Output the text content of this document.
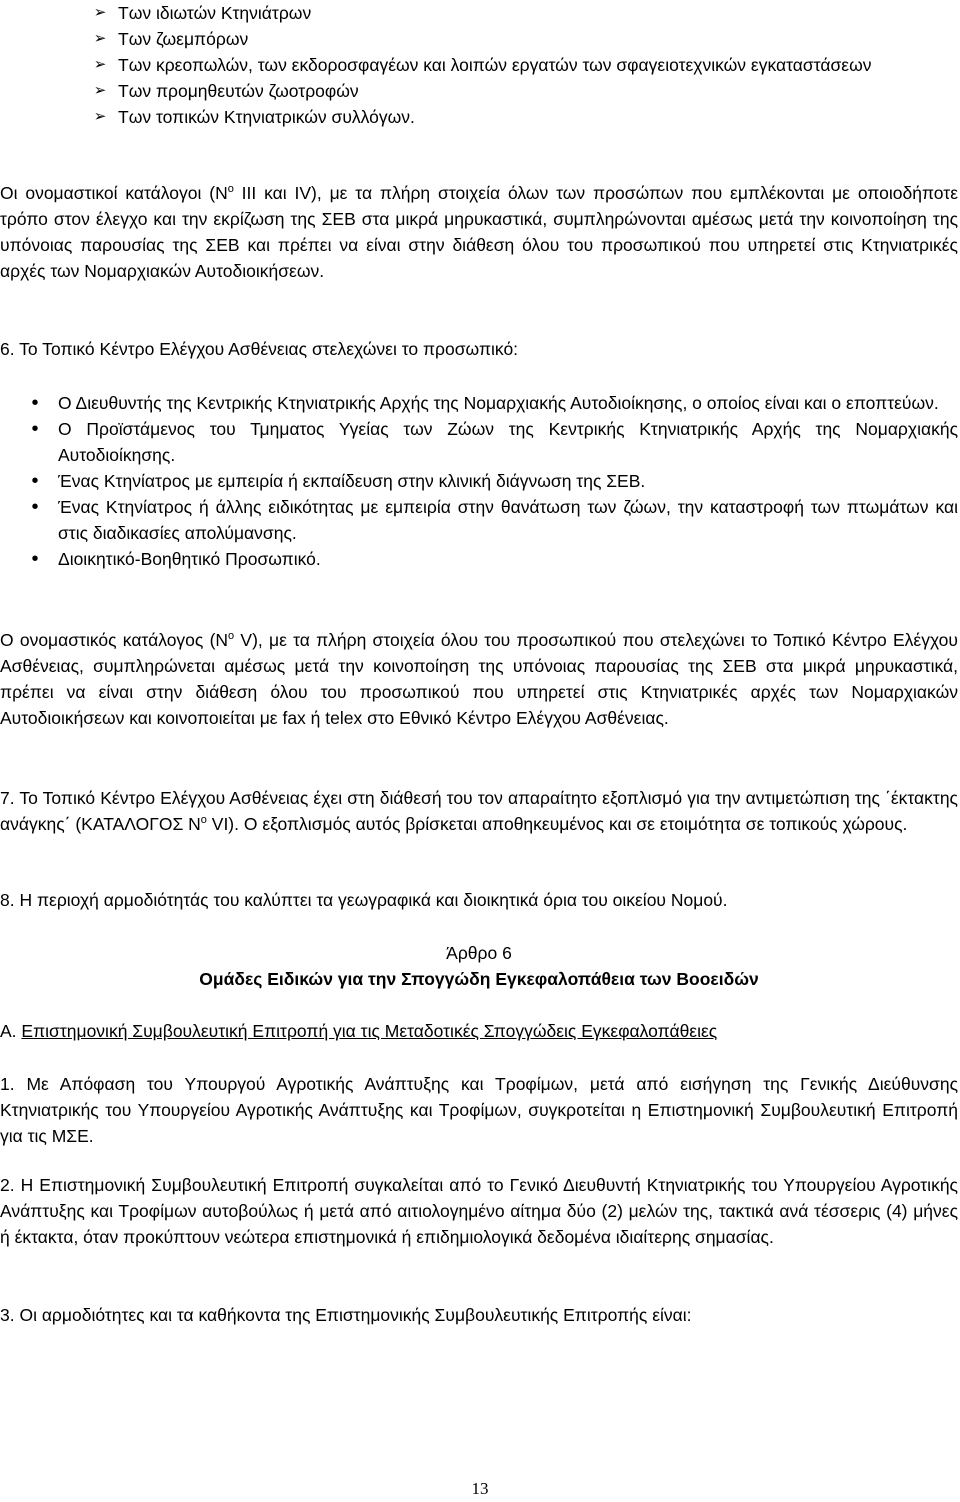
➢ Των ιδιωτών Κτηνιάτρων
➢ Των ζωεμπόρων
➢ Των κρεοπωλών, των εκδοροσφαγέων και λοιπών εργατών των σφαγειοτεχνικών εγκαταστάσεων
➢ Των προμηθευτών ζωοτροφών
➢ Των τοπικών Κτηνιατρικών συλλόγων.

Οι ονομαστικοί κατάλογοι ($N^o$ III και IV), με τα πλήρη στοιχεία όλων των προσώπων που εμπλέκονται με οποιοδήποτε τρόπο στον έλεγχο και την εκρίζωση της ΣΕΒ στα μικρά μηρυκαστικά, συμπληρώνονται αμέσως μετά την κοινοποίηση της υπόνοιας παρουσίας της ΣΕΒ και πρέπει να είναι στην διάθεση όλου του προσωπικού που υπηρετεί στις Κτηνιατρικές αρχές των Νομαρχιακών Αυτοδιοικήσεων.

6. Το Τοπικό Κέντρο Ελέγχου Ασθένειας στελεχώνει το προσωπικό:

• Ο Διευθυντής της Κεντρικής Κτηνιατρικής Αρχής της Νομαρχιακής Αυτοδιοίκησης, ο οποίος είναι και ο εποπτεύων.
• Ο Προϊστάμενος του Τμηματος Υγείας των Ζώων της Κεντρικής Κτηνιατρικής Αρχής της Νομαρχιακής Αυτοδιοίκησης.
• Ένας Κτηνίατρος με εμπειρία ή εκπαίδευση στην κλινική διάγνωση της ΣΕΒ.
• Ένας Κτηνίατρος ή άλλης ειδικότητας με εμπειρία στην θανάτωση των ζώων, την καταστροφή των πτωμάτων και στις διαδικασίες απολύμανσης.
• Διοικητικό-Βοηθητικό Προσωπικό.

Ο ονομαστικός κατάλογος ($N^o$ V), με τα πλήρη στοιχεία όλου του προσωπικού που στελεχώνει το Τοπικό Κέντρο Ελέγχου Ασθένειας, συμπληρώνεται αμέσως μετά την κοινοποίηση της υπόνοιας παρουσίας της ΣΕΒ στα μικρά μηρυκαστικά, πρέπει να είναι στην διάθεση όλου του προσωπικού που υπηρετεί στις Κτηνιατρικές αρχές των Νομαρχιακών Αυτοδιοικήσεων και κοινοποιείται με fax ή telex στο Εθνικό Κέντρο Ελέγχου Ασθένειας.

7. Το Τοπικό Κέντρο Ελέγχου Ασθένειας έχει στη διάθεσή του τον απαραίτητο εξοπλισμό για την αντιμετώπιση της ΄έκτακτης ανάγκης΄ (ΚΑΤΑΛΟΓΟΣ $N^o$ VI). Ο εξοπλισμός αυτός βρίσκεται αποθηκευμένος και σε ετοιμότητα σε τοπικούς χώρους.

8. Η περιοχή αρμοδιότητάς του καλύπτει τα γεωγραφικά και διοικητικά όρια του οικείου Νομού.

Άρθρο 6

Ομάδες Ειδικών για την Σπογγώδη Εγκεφαλοπάθεια των Βοοειδών

Α. Επιστημονική Συμβουλευτική Επιτροπή για τις Μεταδοτικές Σπογγώδεις Εγκεφαλοπάθειες

1. Με Απόφαση του Υπουργού Αγροτικής Ανάπτυξης και Τροφίμων, μετά από εισήγηση της Γενικής Διεύθυνσης Κτηνιατρικής του Υπουργείου Αγροτικής Ανάπτυξης και Τροφίμων, συγκροτείται η Επιστημονική Συμβουλευτική Επιτροπή για τις ΜΣΕ.

2. Η Επιστημονική Συμβουλευτική Επιτροπή συγκαλείται από το Γενικό Διευθυντή Κτηνιατρικής του Υπουργείου Αγροτικής Ανάπτυξης και Τροφίμων αυτοβούλως ή μετά από αιτιολογημένο αίτημα δύο (2) μελών της, τακτικά ανά τέσσερις (4) μήνες ή έκτακτα, όταν προκύπτουν νεώτερα επιστημονικά ή επιδημιολογικά δεδομένα ιδιαίτερης σημασίας.

3. Οι αρμοδιότητες και τα καθήκοντα της Επιστημονικής Συμβουλευτικής Επιτροπής είναι:

13
